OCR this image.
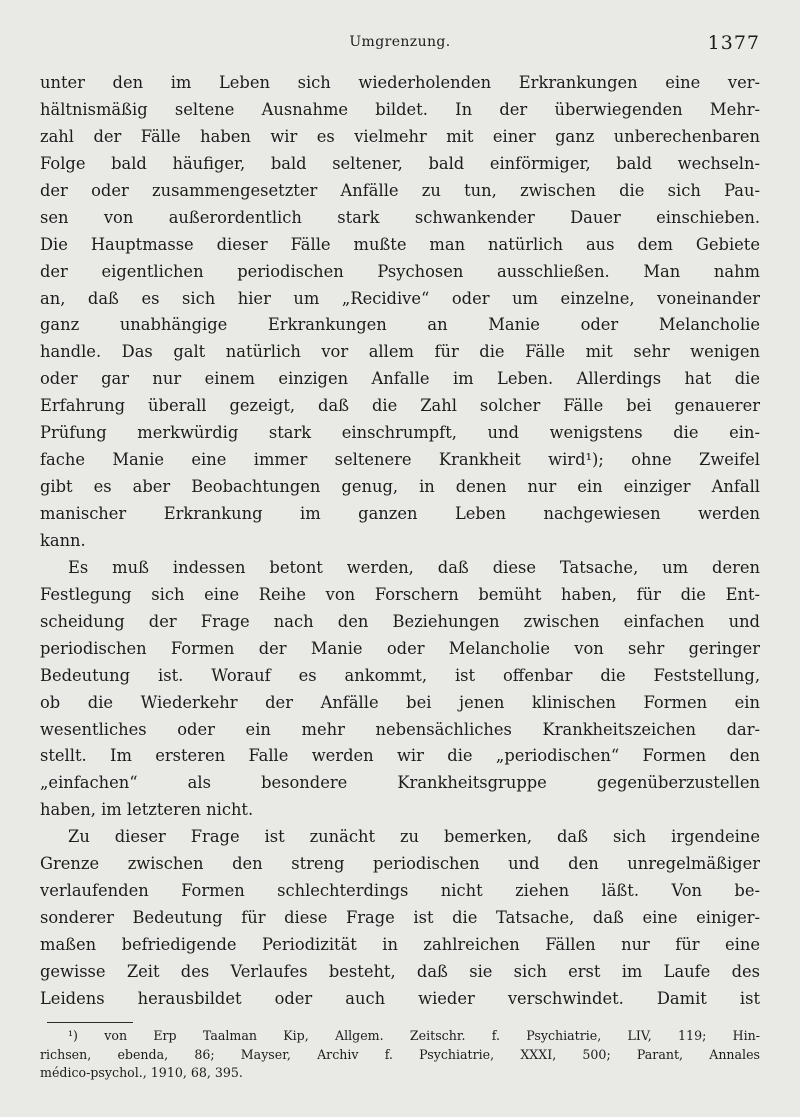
Umgrenzung.	1377
unter den im Leben sich wiederholenden Erkrankungen eine ver-
hältnismäßig seltene Ausnahme bildet. In der überwiegenden Mehr-
zahl der Fälle haben wir es vielmehr mit einer ganz unberechenbaren
Folge bald häufiger, bald seltener, bald einförmiger, bald wechseln-
der oder zusammengesetzter Anfälle zu tun, zwischen die sich Pau-
sen von außerordentlich stark schwankender Dauer einschieben.
Die Hauptmasse dieser Fälle mußte man natürlich aus dem Gebiete
der eigentlichen periodischen Psychosen ausschließen. Man nahm
an, daß es sich hier um „Recidive“ oder um einzelne, voneinander
ganz unabhängige Erkrankungen an Manie oder Melancholie
handle. Das galt natürlich vor allem für die Fälle mit sehr wenigen
oder gar nur einem einzigen Anfalle im Leben. Allerdings hat die
Erfahrung überall gezeigt, daß die Zahl solcher Fälle bei genauerer
Prüfung merkwürdig stark einschrumpft, und wenigstens die ein-
fache Manie eine immer seltenere Krankheit wird¹); ohne Zweifel
gibt es aber Beobachtungen genug, in denen nur ein einziger Anfall
manischer Erkrankung im ganzen Leben nachgewiesen werden
kann.
Es muß indessen betont werden, daß diese Tatsache, um deren
Festlegung sich eine Reihe von Forschern bemüht haben, für die Ent-
scheidung der Frage nach den Beziehungen zwischen einfachen und
periodischen Formen der Manie oder Melancholie von sehr geringer
Bedeutung ist. Worauf es ankommt, ist offenbar die Feststellung,
ob die Wiederkehr der Anfälle bei jenen klinischen Formen ein
wesentliches oder ein mehr nebensächliches Krankheitszeichen dar-
stellt. Im ersteren Falle werden wir die „periodischen“ Formen den
„einfachen“ als besondere Krankheitsgruppe gegenüberzustellen
haben, im letzteren nicht.
Zu dieser Frage ist zunächt zu bemerken, daß sich irgendeine
Grenze zwischen den streng periodischen und den unregelmäßiger
verlaufenden Formen schlechterdings nicht ziehen läßt. Von be-
sonderer Bedeutung für diese Frage ist die Tatsache, daß eine einiger-
maßen befriedigende Periodizität in zahlreichen Fällen nur für eine
gewisse Zeit des Verlaufes besteht, daß sie sich erst im Laufe des
Leidens herausbildet oder auch wieder verschwindet. Damit ist
¹) von Erp Taalman Kip, Allgem. Zeitschr. f. Psychiatrie, LIV, 119; Hin-
richsen, ebenda, 86; Mayser, Archiv f. Psychiatrie, XXXI, 500; Parant, Annales
médico-psychol., 1910, 68, 395.
